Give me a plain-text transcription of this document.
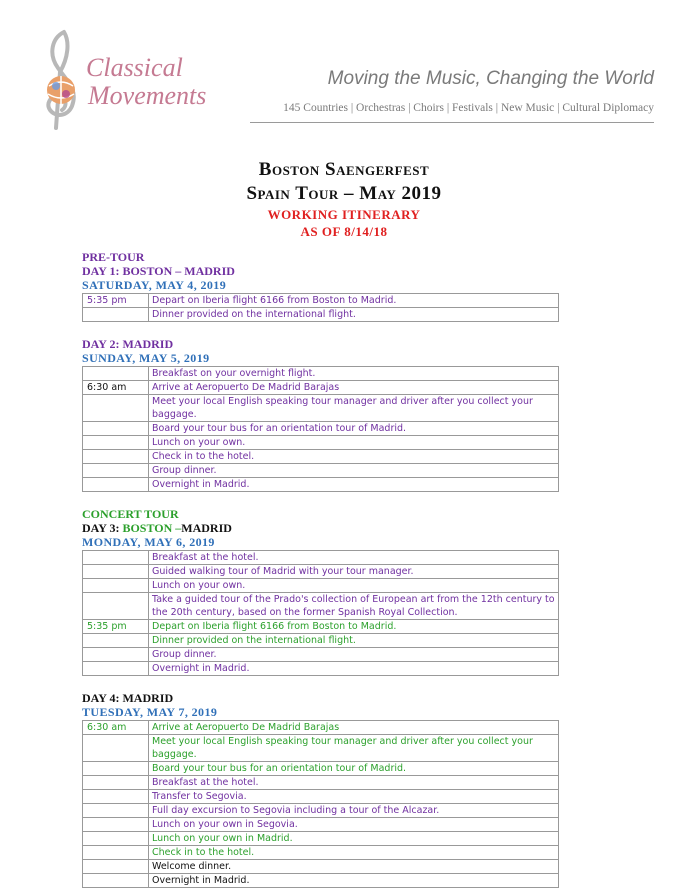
Classical
Movements
Moving the Music, Changing the World
145 Countries | Orchestras | Choirs | Festivals | New Music | Cultural Diplomacy
Boston Saengerfest
Spain Tour – May 2019
WORKING ITINERARY
AS OF 8/14/18
PRE-TOUR
DAY 1: BOSTON – MADRID
SATURDAY, MAY 4, 2019
5:35 pm	Depart on Iberia flight 6166 from Boston to Madrid.
	Dinner provided on the international flight.
DAY 2: MADRID
SUNDAY, MAY 5, 2019
	Breakfast on your overnight flight.
6:30 am	Arrive at Aeropuerto De Madrid Barajas
	Meet your local English speaking tour manager and driver after you collect your baggage.
	Board your tour bus for an orientation tour of Madrid.
	Lunch on your own.
	Check in to the hotel.
	Group dinner.
	Overnight in Madrid.
CONCERT TOUR
DAY 3: BOSTON –MADRID
MONDAY, MAY 6, 2019
	Breakfast at the hotel.
	Guided walking tour of Madrid with your tour manager.
	Lunch on your own.
	Take a guided tour of the Prado's collection of European art from the 12th century to the 20th century, based on the former Spanish Royal Collection.
5:35 pm	Depart on Iberia flight 6166 from Boston to Madrid.
	Dinner provided on the international flight.
	Group dinner.
	Overnight in Madrid.
DAY 4: MADRID
TUESDAY, MAY 7, 2019
6:30 am	Arrive at Aeropuerto De Madrid Barajas
	Meet your local English speaking tour manager and driver after you collect your baggage.
	Board your tour bus for an orientation tour of Madrid.
	Breakfast at the hotel.
	Transfer to Segovia.
	Full day excursion to Segovia including a tour of the Alcazar.
	Lunch on your own in Segovia.
	Lunch on your own in Madrid.
	Check in to the hotel.
	Welcome dinner.
	Overnight in Madrid.
